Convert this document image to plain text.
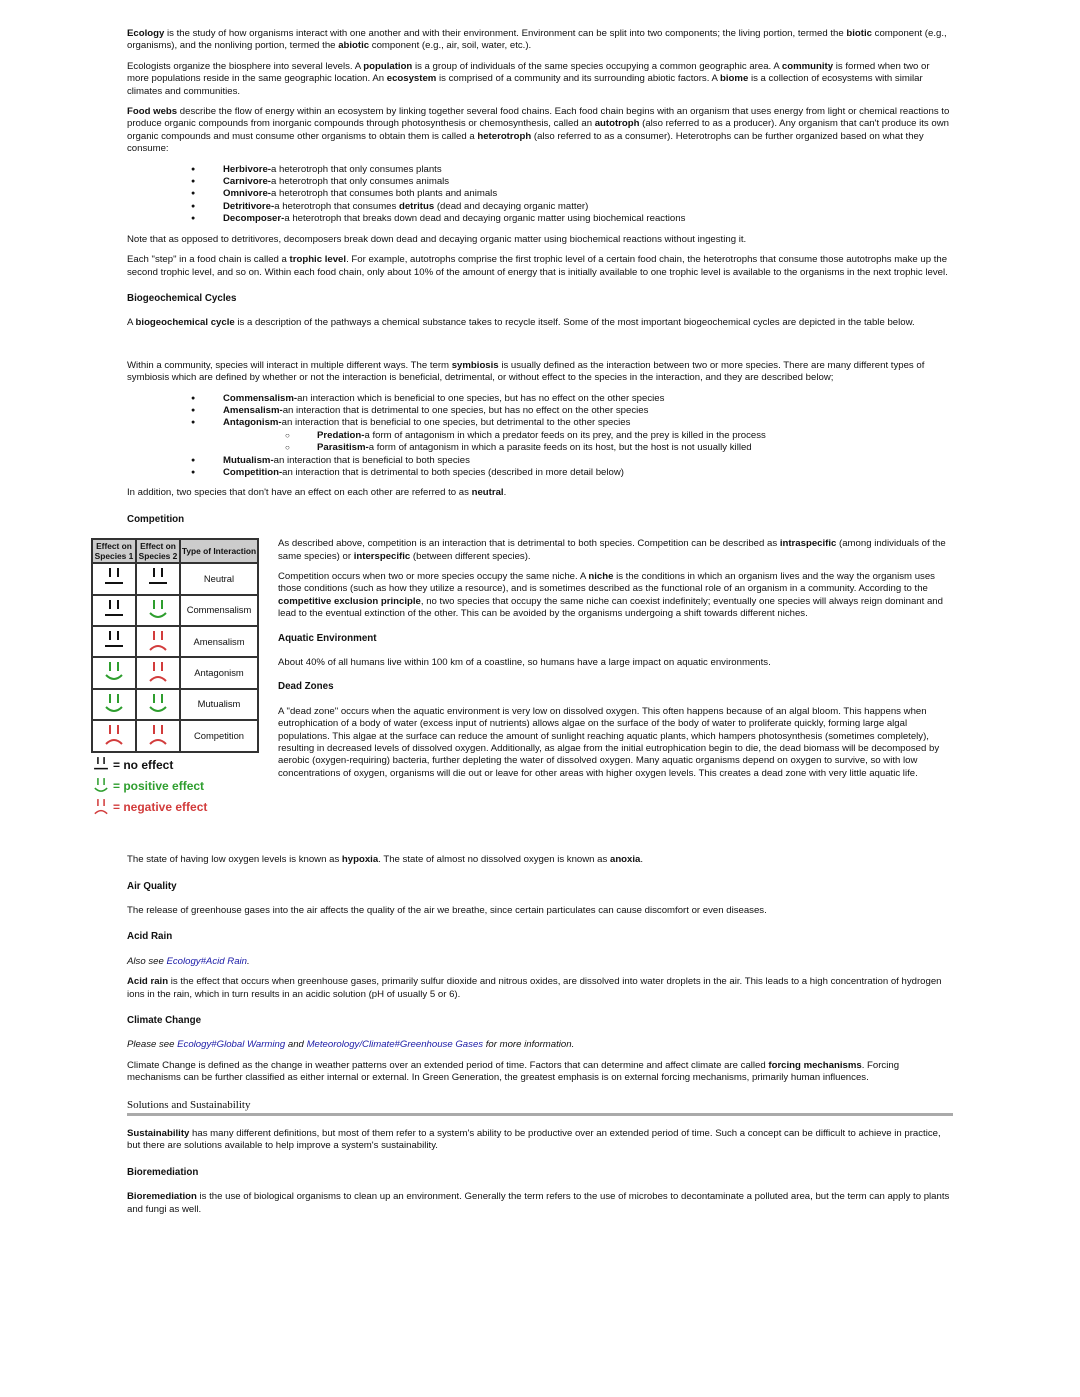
Ecology is the study of how organisms interact with one another and with their environment. Environment can be split into two components; the living portion, termed the biotic component (e.g., organisms), and the nonliving portion, termed the abiotic component (e.g., air, soil, water, etc.).

Ecologists organize the biosphere into several levels. A population is a group of individuals of the same species occupying a common geographic area. A community is formed when two or more populations reside in the same geographic location. An ecosystem is comprised of a community and its surrounding abiotic factors. A biome is a collection of ecosystems with similar climates and communities.

Food webs describe the flow of energy within an ecosystem by linking together several food chains. Each food chain begins with an organism that uses energy from light or chemical reactions to produce organic compounds from inorganic compounds through photosynthesis or chemosynthesis, called an autotroph (also referred to as a producer). Any organism that can't produce its own organic compounds and must consume other organisms to obtain them is called a heterotroph (also referred to as a consumer). Heterotrophs can be further organized based on what they consume:

● Herbivore-a heterotroph that only consumes plants
● Carnivore-a heterotroph that only consumes animals
● Omnivore-a heterotroph that consumes both plants and animals
● Detritivore-a heterotroph that consumes detritus (dead and decaying organic matter)
● Decomposer-a heterotroph that breaks down dead and decaying organic matter using biochemical reactions

Note that as opposed to detritivores, decomposers break down dead and decaying organic matter using biochemical reactions without ingesting it.

Each "step" in a food chain is called a trophic level. For example, autotrophs comprise the first trophic level of a certain food chain, the heterotrophs that consume those autotrophs make up the second trophic level, and so on. Within each food chain, only about 10% of the amount of energy that is initially available to one trophic level is available to the organisms in the next trophic level.

Biogeochemical Cycles

A biogeochemical cycle is a description of the pathways a chemical substance takes to recycle itself. Some of the most important biogeochemical cycles are depicted in the table below.

Within a community, species will interact in multiple different ways. The term symbiosis is usually defined as the interaction between two or more species. There are many different types of symbiosis which are defined by whether or not the interaction is beneficial, detrimental, or without effect to the species in the interaction, and they are described below;

● Commensalism-an interaction which is beneficial to one species, but has no effect on the other species
● Amensalism-an interaction that is detrimental to one species, but has no effect on the other species
● Antagonism-an interaction that is beneficial to one species, but detrimental to the other species
○ Predation-a form of antagonism in which a predator feeds on its prey, and the prey is killed in the process
○ Parasitism-a form of antagonism in which a parasite feeds on its host, but the host is not usually killed
● Mutualism-an interaction that is beneficial to both species
● Competition-an interaction that is detrimental to both species (described in more detail below)

In addition, two species that don't have an effect on each other are referred to as neutral.

Competition
Effect on Species 1	Effect on Species 2	Type of Interaction
		Neutral
		Commensalism
		Amensalism
		Antagonism
		Mutualism
		Competition
= no effect
= positive effect
= negative effect

As described above, competition is an interaction that is detrimental to both species. Competition can be described as intraspecific (among individuals of the same species) or interspecific (between different species).

Competition occurs when two or more species occupy the same niche. A niche is the conditions in which an organism lives and the way the organism uses those conditions (such as how they utilize a resource), and is sometimes described as the functional role of an organism in a community. According to the competitive exclusion principle, no two species that occupy the same niche can coexist indefinitely; eventually one species will always reign dominant and lead to the eventual extinction of the other. This can be avoided by the organisms undergoing a shift towards different niches.

Aquatic Environment

About 40% of all humans live within 100 km of a coastline, so humans have a large impact on aquatic environments.

Dead Zones

A "dead zone" occurs when the aquatic environment is very low on dissolved oxygen. This often happens because of an algal bloom. This happens when eutrophication of a body of water (excess input of nutrients) allows algae on the surface of the body of water to proliferate quickly, forming large algal populations. This algae at the surface can reduce the amount of sunlight reaching aquatic plants, which hampers photosynthesis (sometimes completely), resulting in decreased levels of dissolved oxygen. Additionally, as algae from the initial eutrophication begin to die, the dead biomass will be decomposed by aerobic (oxygen-requiring) bacteria, further depleting the water of dissolved oxygen. Many aquatic organisms depend on oxygen to survive, so with low concentrations of oxygen, organisms will die out or leave for other areas with higher oxygen levels. This creates a dead zone with very little aquatic life.

The state of having low oxygen levels is known as hypoxia. The state of almost no dissolved oxygen is known as anoxia.

Air Quality

The release of greenhouse gases into the air affects the quality of the air we breathe, since certain particulates can cause discomfort or even diseases.

Acid Rain

Also see Ecology#Acid Rain.

Acid rain is the effect that occurs when greenhouse gases, primarily sulfur dioxide and nitrous oxides, are dissolved into water droplets in the air. This leads to a high concentration of hydrogen ions in the rain, which in turn results in an acidic solution (pH of usually 5 or 6).

Climate Change

Please see Ecology#Global Warming and Meteorology/Climate#Greenhouse Gases for more information.

Climate Change is defined as the change in weather patterns over an extended period of time. Factors that can determine and affect climate are called forcing mechanisms. Forcing mechanisms can be further classified as either internal or external. In Green Generation, the greatest emphasis is on external forcing mechanisms, primarily human influences.

Solutions and Sustainability

Sustainability has many different definitions, but most of them refer to a system's ability to be productive over an extended period of time. Such a concept can be difficult to achieve in practice, but there are solutions available to help improve a system's sustainability.

Bioremediation

Bioremediation is the use of biological organisms to clean up an environment. Generally the term refers to the use of microbes to decontaminate a polluted area, but the term can apply to plants and fungi as well.
